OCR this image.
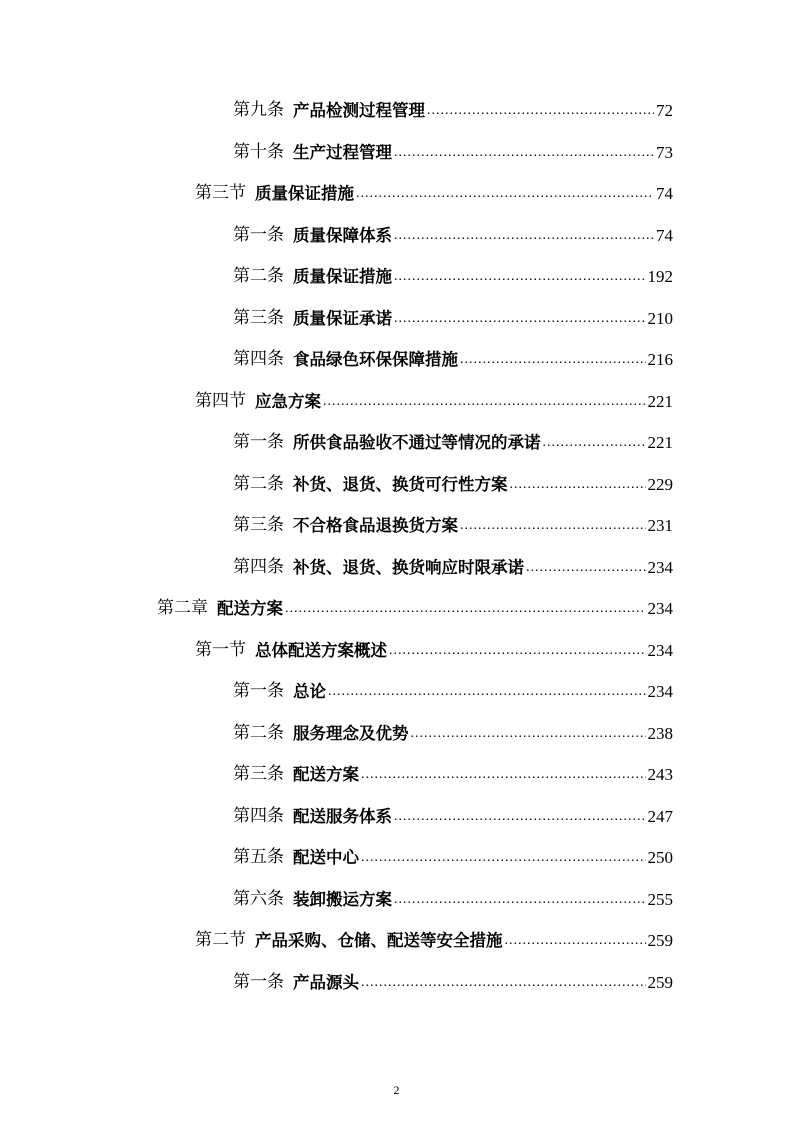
第九条 产品检测过程管理 .....	72
第十条 生产过程管理 .....	73
第三节 质量保证措施 .....	74
第一条 质量保障体系 .....	74
第二条 质量保证措施 .....	192
第三条 质量保证承诺 .....	210
第四条 食品绿色环保保障措施 .....	216
第四节 应急方案 .....	221
第一条 所供食品验收不通过等情况的承诺 .....	221
第二条 补货、退货、换货可行性方案 .....	229
第三条 不合格食品退换货方案 .....	231
第四条 补货、退货、换货响应时限承诺 .....	234
第二章 配送方案 .....	234
第一节 总体配送方案概述 .....	234
第一条 总论 .....	234
第二条 服务理念及优势 .....	238
第三条 配送方案 .....	243
第四条 配送服务体系 .....	247
第五条 配送中心 .....	250
第六条 装卸搬运方案 .....	255
第二节 产品采购、仓储、配送等安全措施 .....	259
第一条 产品源头 .....	259
2
